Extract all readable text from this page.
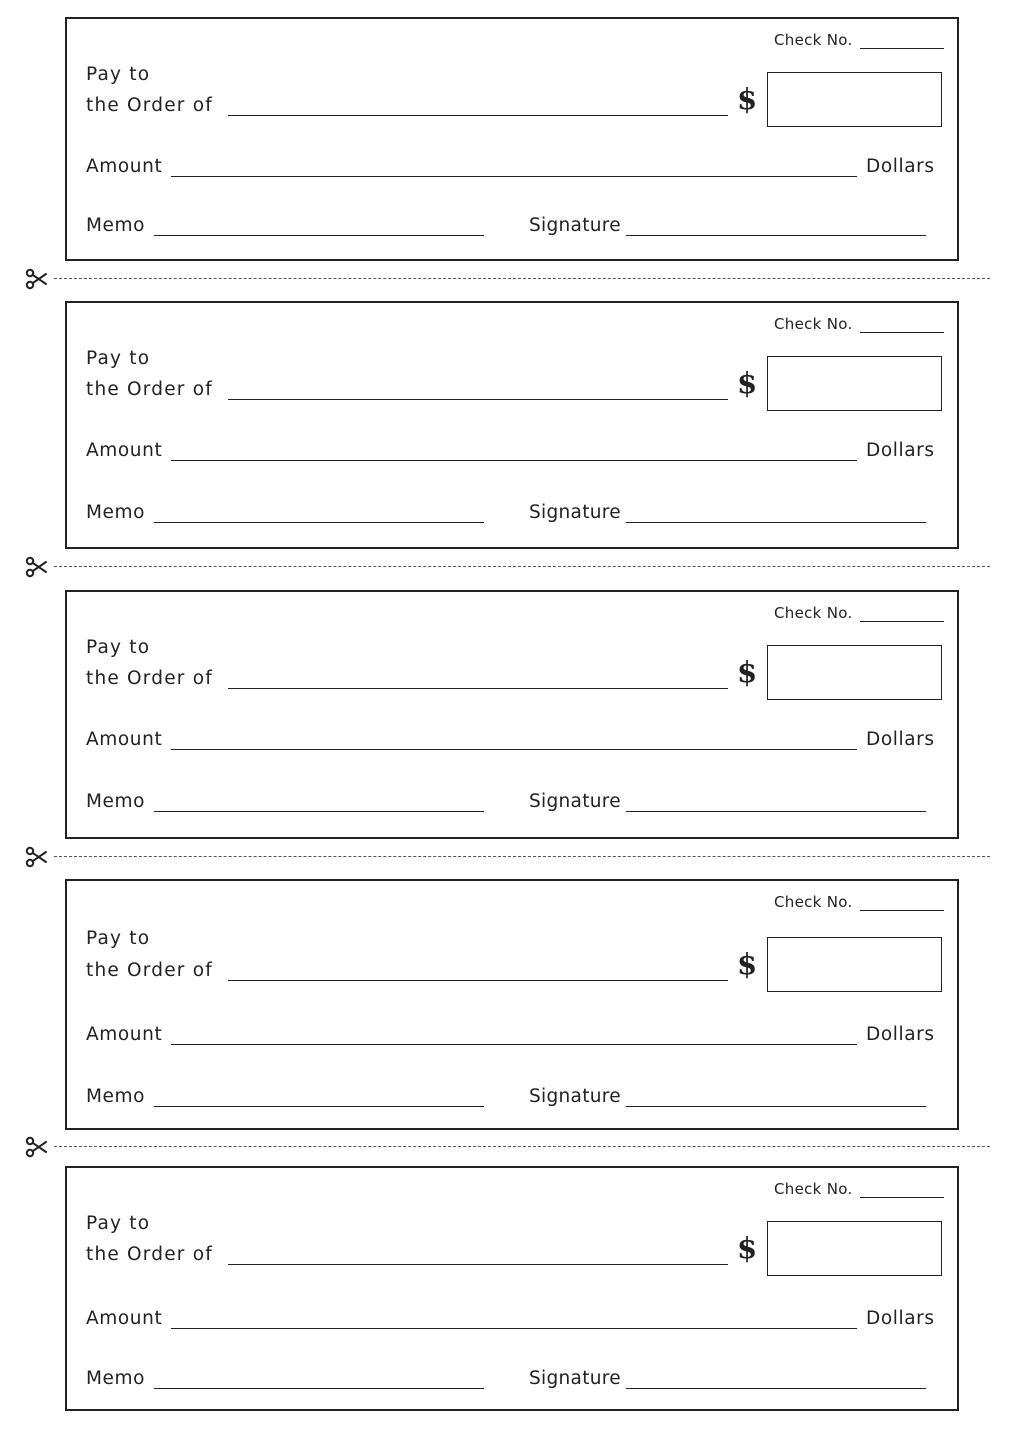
Check No.
Pay to
the Order of	$
Amount	Dollars
Memo	Signature
Check No.
Pay to
the Order of	$
Amount	Dollars
Memo	Signature
Check No.
Pay to
the Order of	$
Amount	Dollars
Memo	Signature
Check No.
Pay to
the Order of	$
Amount	Dollars
Memo	Signature
Check No.
Pay to
the Order of	$
Amount	Dollars
Memo	Signature
